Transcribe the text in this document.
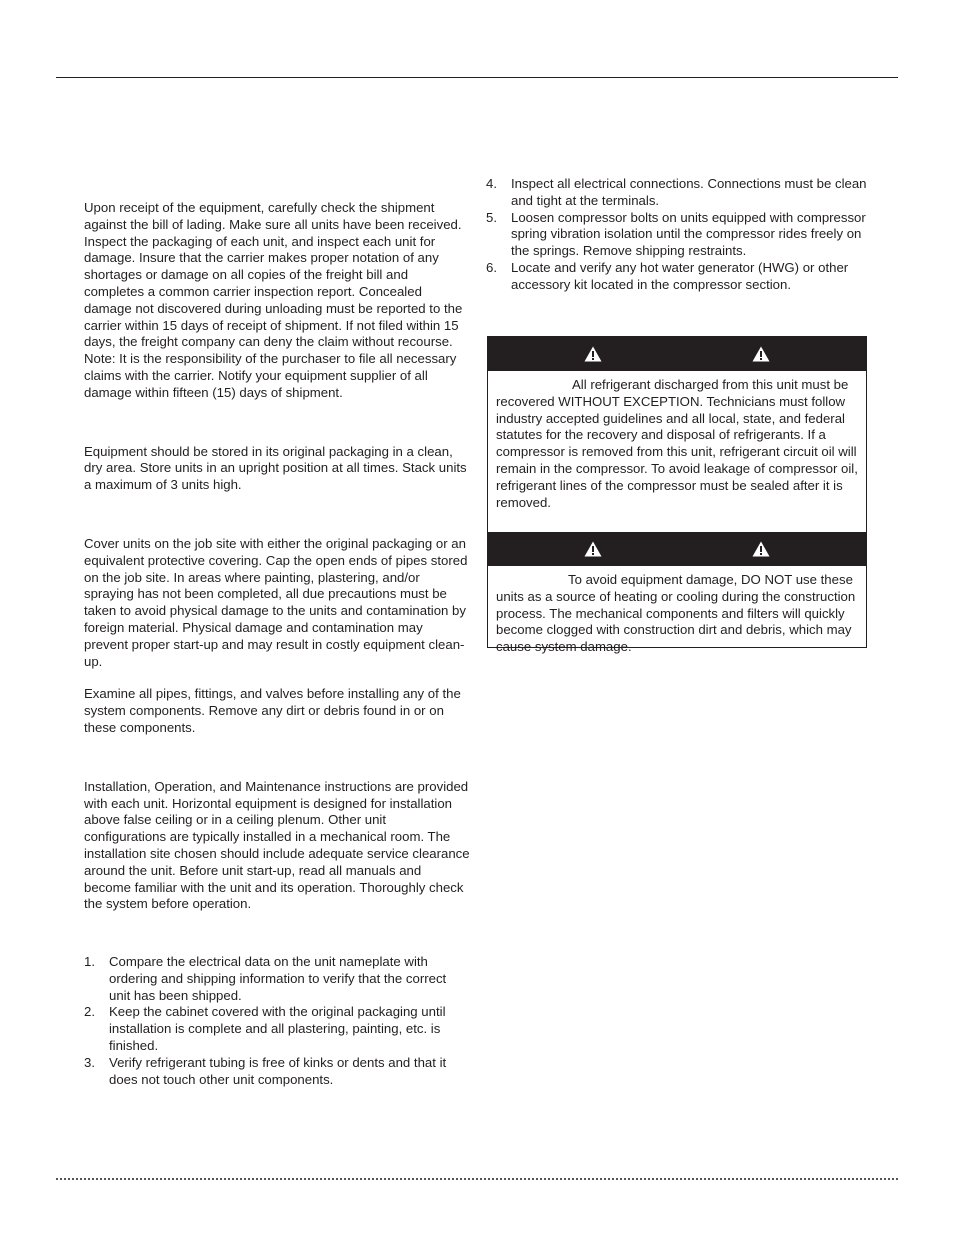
Upon receipt of the equipment, carefully check the shipment against the bill of lading. Make sure all units have been received. Inspect the packaging of each unit, and inspect each unit for damage. Insure that the carrier makes proper notation of any shortages or damage on all copies of the freight bill and completes a common carrier inspection report. Concealed damage not discovered during unloading must be reported to the carrier within 15 days of receipt of shipment. If not filed within 15 days, the freight company can deny the claim without recourse. Note: It is the responsibility of the purchaser to file all necessary claims with the carrier. Notify your equipment supplier of all damage within fifteen (15) days of shipment.

Equipment should be stored in its original packaging in a clean, dry area. Store units in an upright position at all times. Stack units a maximum of 3 units high.

Cover units on the job site with either the original packaging or an equivalent protective covering. Cap the open ends of pipes stored on the job site. In areas where painting, plastering, and/or spraying has not been completed, all due precautions must be taken to avoid physical damage to the units and contamination by foreign material. Physical damage and contamination may prevent proper start-up and may result in costly equipment clean-up.

Examine all pipes, fittings, and valves before installing any of the system components. Remove any dirt or debris found in or on these components.

Installation, Operation, and Maintenance instructions are provided with each unit. Horizontal equipment is designed for installation above false ceiling or in a ceiling plenum. Other unit configurations are typically installed in a mechanical room. The installation site chosen should include adequate service clearance around the unit. Before unit start-up, read all manuals and become familiar with the unit and its operation. Thoroughly check the system before operation.

1.	Compare the electrical data on the unit nameplate with ordering and shipping information to verify that the correct unit has been shipped.
2.	Keep the cabinet covered with the original packaging until installation is complete and all plastering, painting, etc. is finished.
3.	Verify refrigerant tubing is free of kinks or dents and that it does not touch other unit components.
4.	Inspect all electrical connections. Connections must be clean and tight at the terminals.
5.	Loosen compressor bolts on units equipped with compressor spring vibration isolation until the compressor rides freely on the springs. Remove shipping restraints.
6.	Locate and verify any hot water generator (HWG) or other accessory kit located in the compressor section.

All refrigerant discharged from this unit must be recovered WITHOUT EXCEPTION. Technicians must follow industry accepted guidelines and all local, state, and federal statutes for the recovery and disposal of refrigerants. If a compressor is removed from this unit, refrigerant circuit oil will remain in the compressor. To avoid leakage of compressor oil, refrigerant lines of the compressor must be sealed after it is removed.

To avoid equipment damage, DO NOT use these units as a source of heating or cooling during the construction process. The mechanical components and filters will quickly become clogged with construction dirt and debris, which may cause system damage.
